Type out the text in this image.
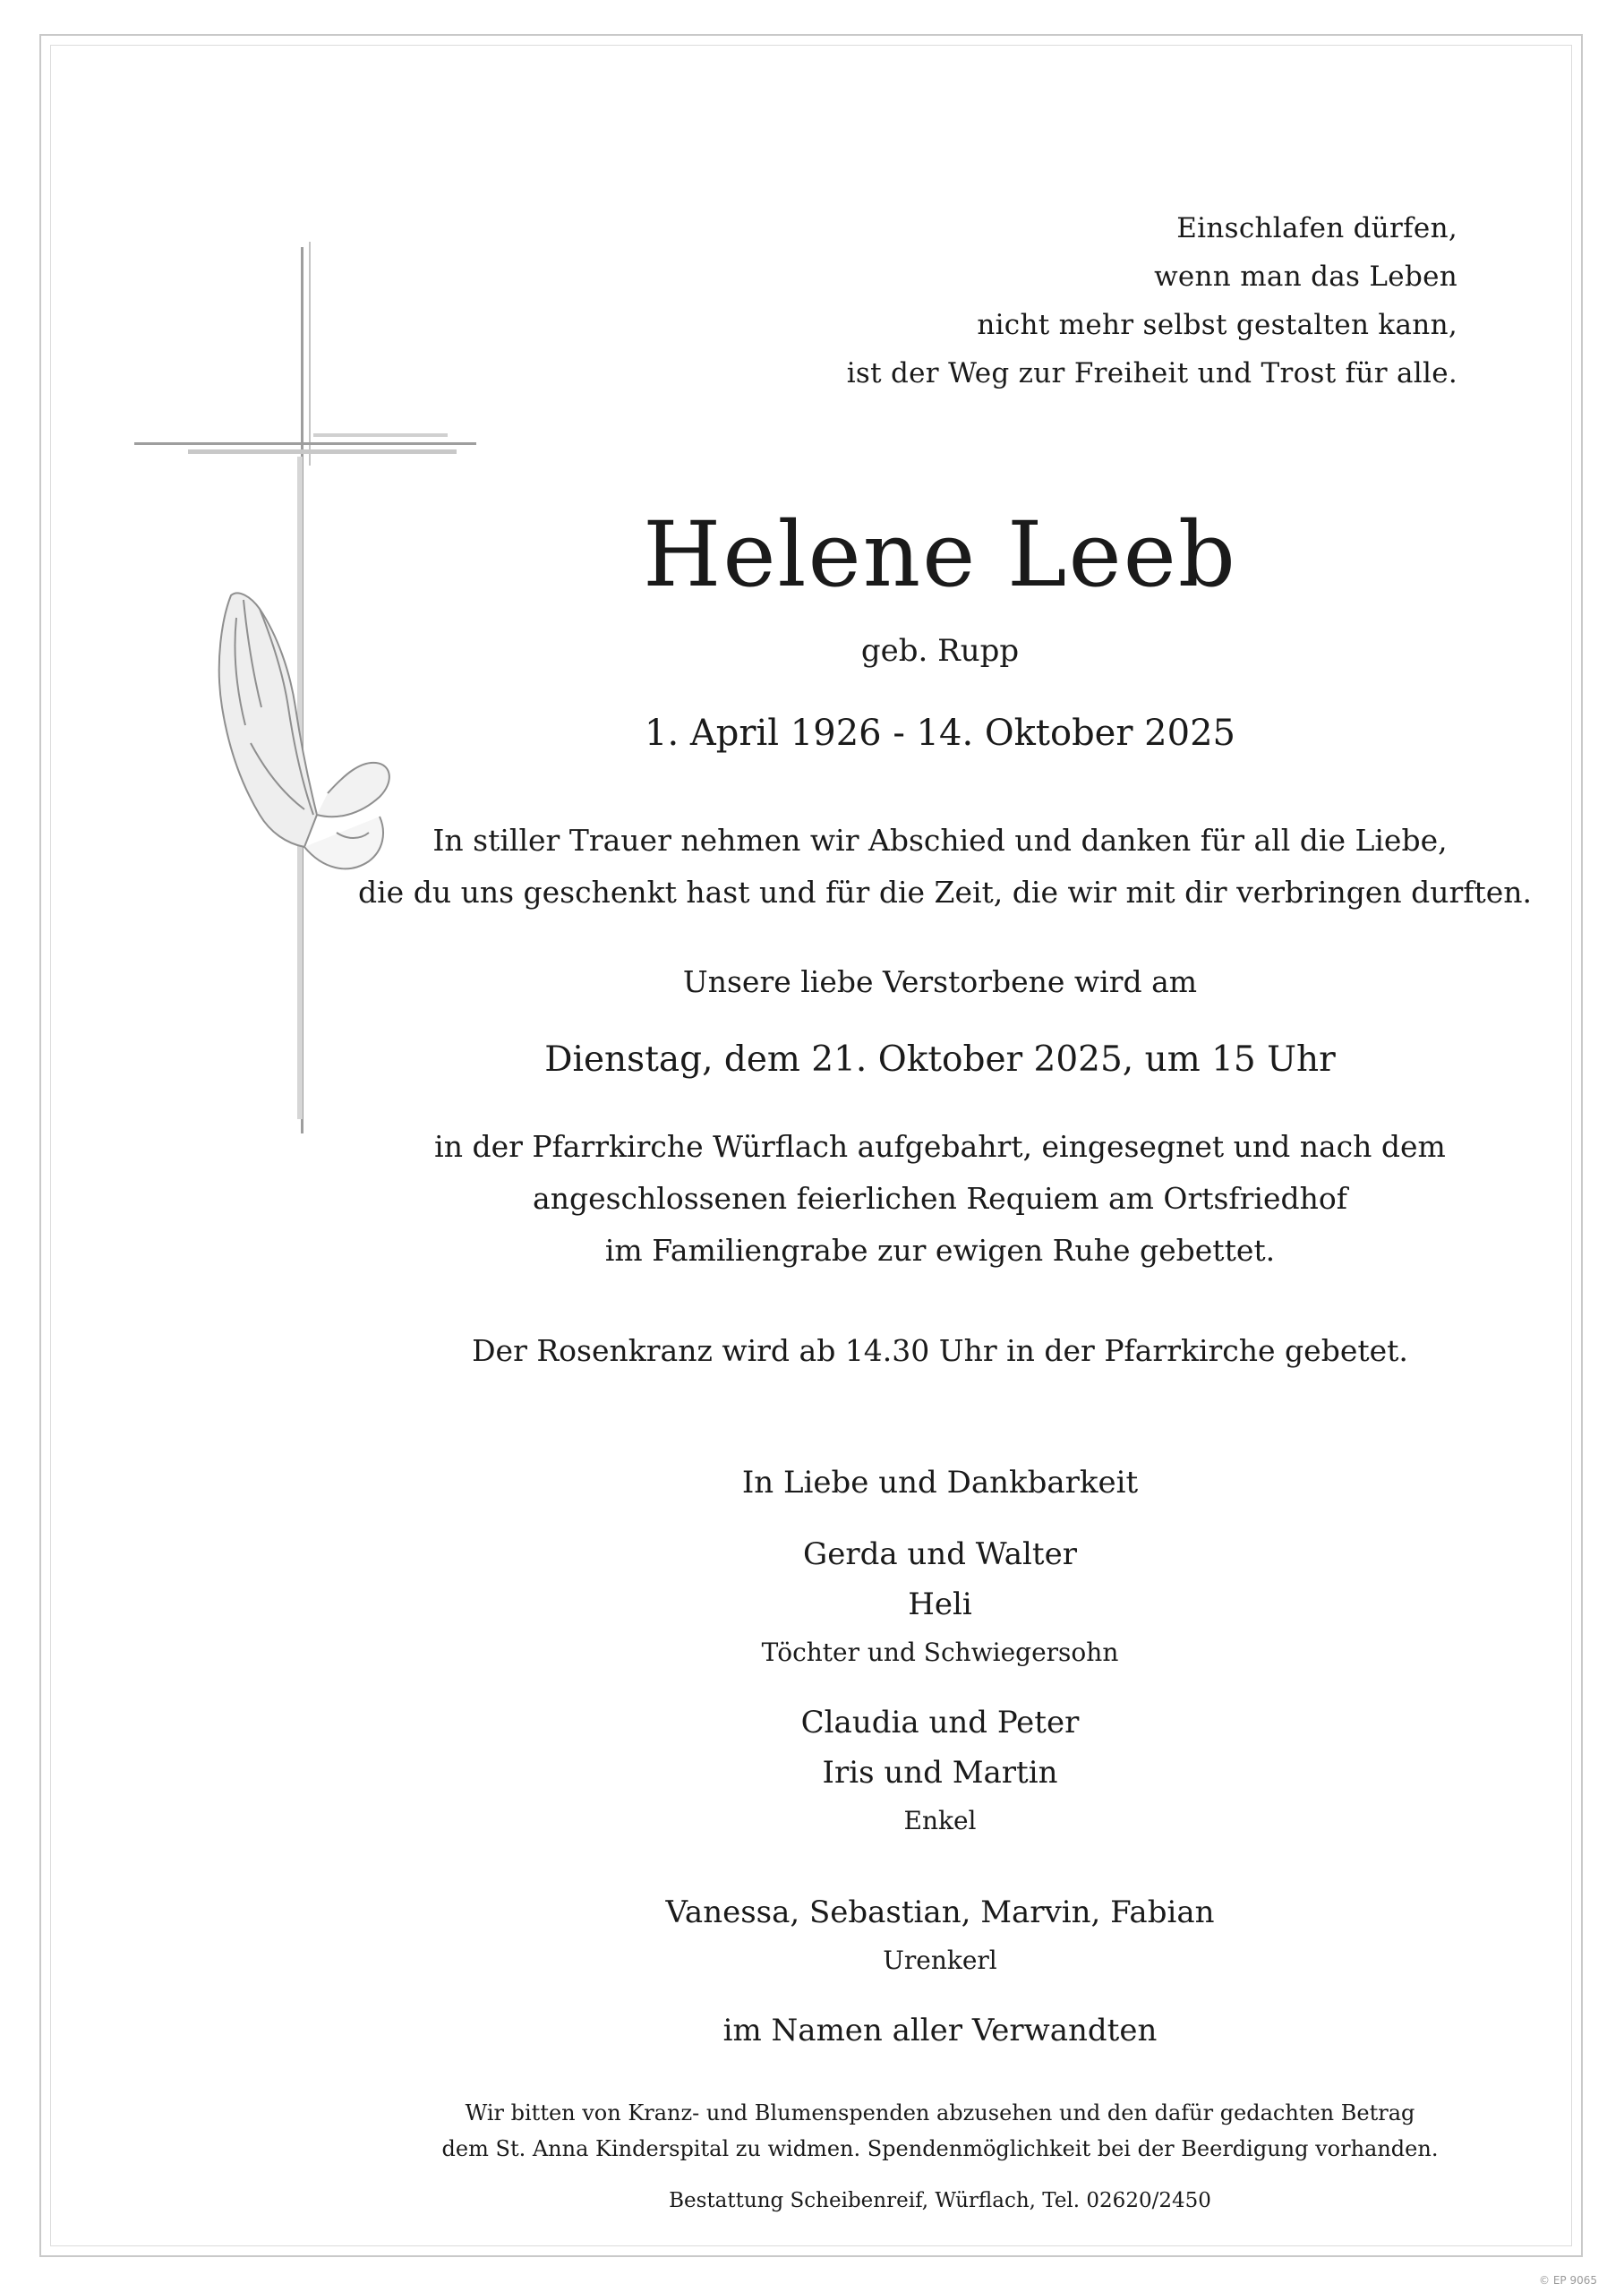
Einschlafen dürfen,
wenn man das Leben
nicht mehr selbst gestalten kann,
ist der Weg zur Freiheit und Trost für alle.
Helene Leeb
geb. Rupp
1. April 1926 - 14. Oktober 2025
In stiller Trauer nehmen wir Abschied und danken für all die Liebe,
die du uns geschenkt hast und für die Zeit, die wir mit dir verbringen durften.
Unsere liebe Verstorbene wird am
Dienstag, dem 21. Oktober 2025, um 15 Uhr
in der Pfarrkirche Würflach aufgebahrt, eingesegnet und nach dem
angeschlossenen feierlichen Requiem am Ortsfriedhof
im Familiengrabe zur ewigen Ruhe gebettet.
Der Rosenkranz wird ab 14.30 Uhr in der Pfarrkirche gebetet.
In Liebe und Dankbarkeit
Gerda und Walter
Heli
Töchter und Schwiegersohn
Claudia und Peter
Iris und Martin
Enkel
Vanessa, Sebastian, Marvin, Fabian
Urenkerl
im Namen aller Verwandten
Wir bitten von Kranz- und Blumenspenden abzusehen und den dafür gedachten Betrag
dem St. Anna Kinderspital zu widmen. Spendenmöglichkeit bei der Beerdigung vorhanden.
Bestattung Scheibenreif, Würflach, Tel. 02620/2450
© EP 9065
